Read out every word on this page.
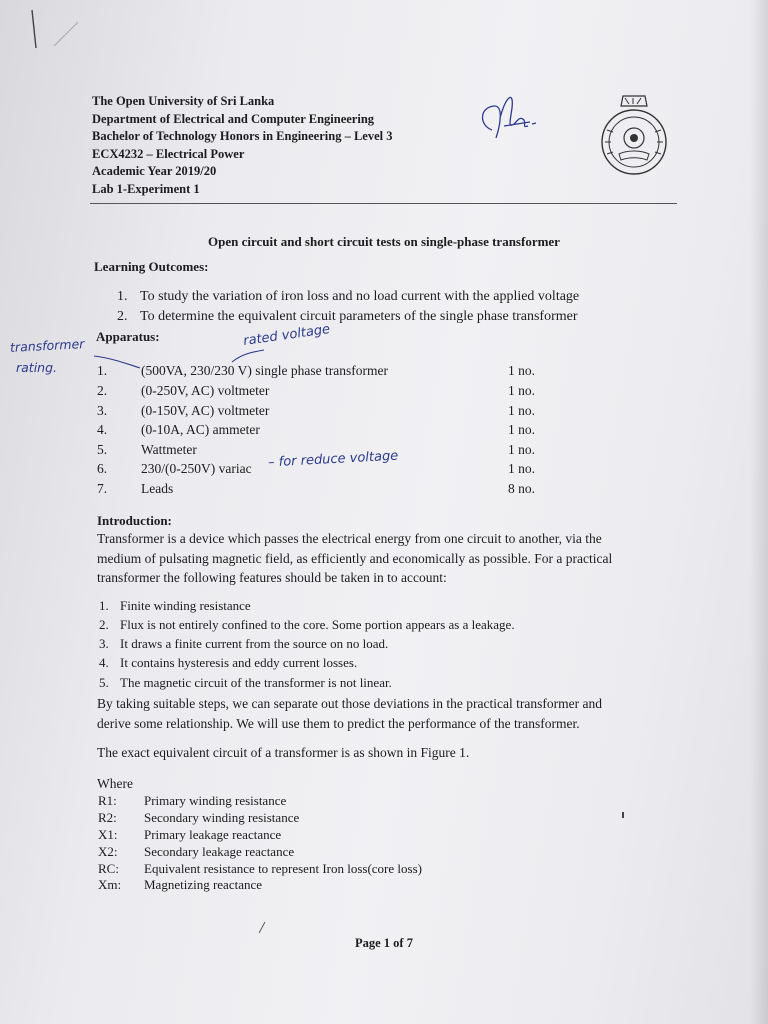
The Open University of Sri Lanka
Department of Electrical and Computer Engineering
Bachelor of Technology Honors in Engineering – Level 3
ECX4232 – Electrical Power
Academic Year 2019/20
Lab 1-Experiment 1
Open circuit and short circuit tests on single-phase transformer
Learning Outcomes:
1. To study the variation of iron loss and no load current with the applied voltage
2. To determine the equivalent circuit parameters of the single phase transformer
Apparatus:	rated voltage
transformer
rating.	1.	(500VA, 230/230 V) single phase transformer	1 no.
2.	(0-250V, AC) voltmeter	1 no.
3.	(0-150V, AC) voltmeter	1 no.
4.	(0-10A, AC) ammeter	1 no.
5.	Wattmeter	1 no.
6.	230/(0-250V) variac	1 no.
7.	Leads	8 no.
– for reduce voltage
Introduction:
Transformer is a device which passes the electrical energy from one circuit to another, via the
medium of pulsating magnetic field, as efficiently and economically as possible. For a practical
transformer the following features should be taken in to account:
1. Finite winding resistance
2. Flux is not entirely confined to the core. Some portion appears as a leakage.
3. It draws a finite current from the source on no load.
4. It contains hysteresis and eddy current losses.
5. The magnetic circuit of the transformer is not linear.
By taking suitable steps, we can separate out those deviations in the practical transformer and
derive some relationship. We will use them to predict the performance of the transformer.
The exact equivalent circuit of a transformer is as shown in Figure 1.
Where
R1: Primary winding resistance
R2: Secondary winding resistance
X1: Primary leakage reactance
X2: Secondary leakage reactance
RC: Equivalent resistance to represent Iron loss(core loss)
Xm: Magnetizing reactance
Page 1 of 7
